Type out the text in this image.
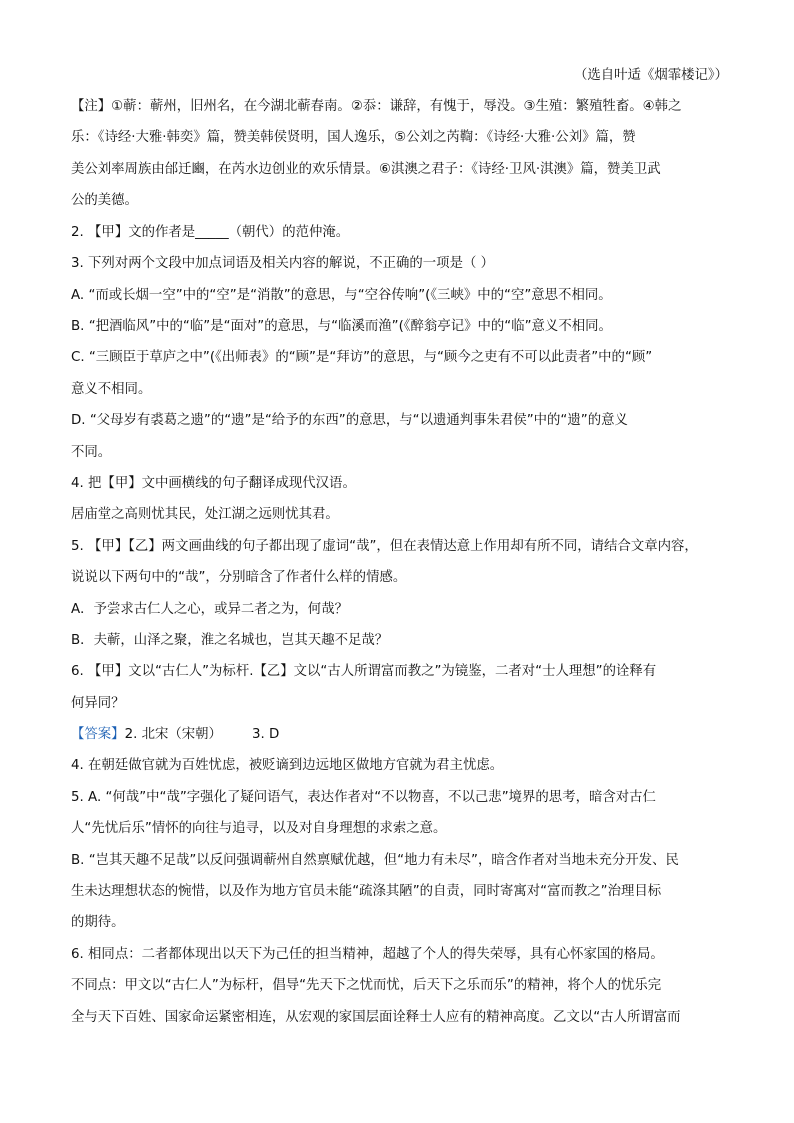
（选自叶适《烟霏楼记》）
【注】①蕲：蕲州，旧州名，在今湖北蕲春南。②忝：谦辞，有愧于，辱没。③生殖：繁殖牲畜。④韩之
乐：《诗经·大雅·韩奕》篇，赞美韩侯贤明，国人逸乐，⑤公刘之芮鞫：《诗经·大雅·公刘》篇，赞
美公刘率周族由邰迁豳，在芮水边创业的欢乐情景。⑥淇澳之君子：《诗经·卫风·淇澳》篇，赞美卫武
公的美德。
2. 【甲】文的作者是_____（朝代）的范仲淹。
3. 下列对两个文段中加点词语及相关内容的解说，不正确的一项是（ ）
A. “而或长烟一空”中的“空”是“消散”的意思，与“空谷传响”(《三峡》中的“空”意思不相同。
B. “把酒临风”中的“临”是“面对”的意思，与“临溪而渔”(《醉翁亭记》中的“临”意义不相同。
C. “三顾臣于草庐之中”(《出师表》的“顾”是“拜访”的意思，与“顾今之吏有不可以此责者”中的“顾”
意义不相同。
D. “父母岁有裘葛之遗”的“遗”是“给予的东西”的意思，与“以遗通判事朱君侯”中的“遗”的意义
不同。
4. 把【甲】文中画横线的句子翻译成现代汉语。
居庙堂之高则忧其民，处江湖之远则忧其君。
5. 【甲】【乙】两文画曲线的句子都出现了虚词“哉”，但在表情达意上作用却有所不同，请结合文章内容，
说说以下两句中的“哉”，分别暗含了作者什么样的情感。
A．予尝求古仁人之心，或异二者之为，何哉？
B．夫蕲，山泽之聚，淮之名城也，岂其天趣不足哉？
6. 【甲】文以“古仁人”为标杆.【乙】文以“古人所谓富而教之”为镜鉴，二者对“士人理想”的诠释有
何异同？
【答案】2. 北宋（宋朝） 3. D
4. 在朝廷做官就为百姓忧虑，被贬谪到边远地区做地方官就为君主忧虑。
5. A. “何哉”中“哉”字强化了疑问语气，表达作者对“不以物喜，不以己悲”境界的思考，暗含对古仁
人“先忧后乐”情怀的向往与追寻，以及对自身理想的求索之意。
B. “岂其天趣不足哉”以反问强调蕲州自然禀赋优越，但“地力有未尽”，暗含作者对当地未充分开发、民
生未达理想状态的惋惜，以及作为地方官员未能“疏涤其陋”的自责，同时寄寓对“富而教之”治理目标
的期待。
6. 相同点：二者都体现出以天下为己任的担当精神，超越了个人的得失荣辱，具有心怀家国的格局。
不同点：甲文以“古仁人”为标杆，倡导“先天下之忧而忧，后天下之乐而乐”的精神，将个人的忧乐完
全与天下百姓、国家命运紧密相连，从宏观的家国层面诠释士人应有的精神高度。乙文以“古人所谓富而
